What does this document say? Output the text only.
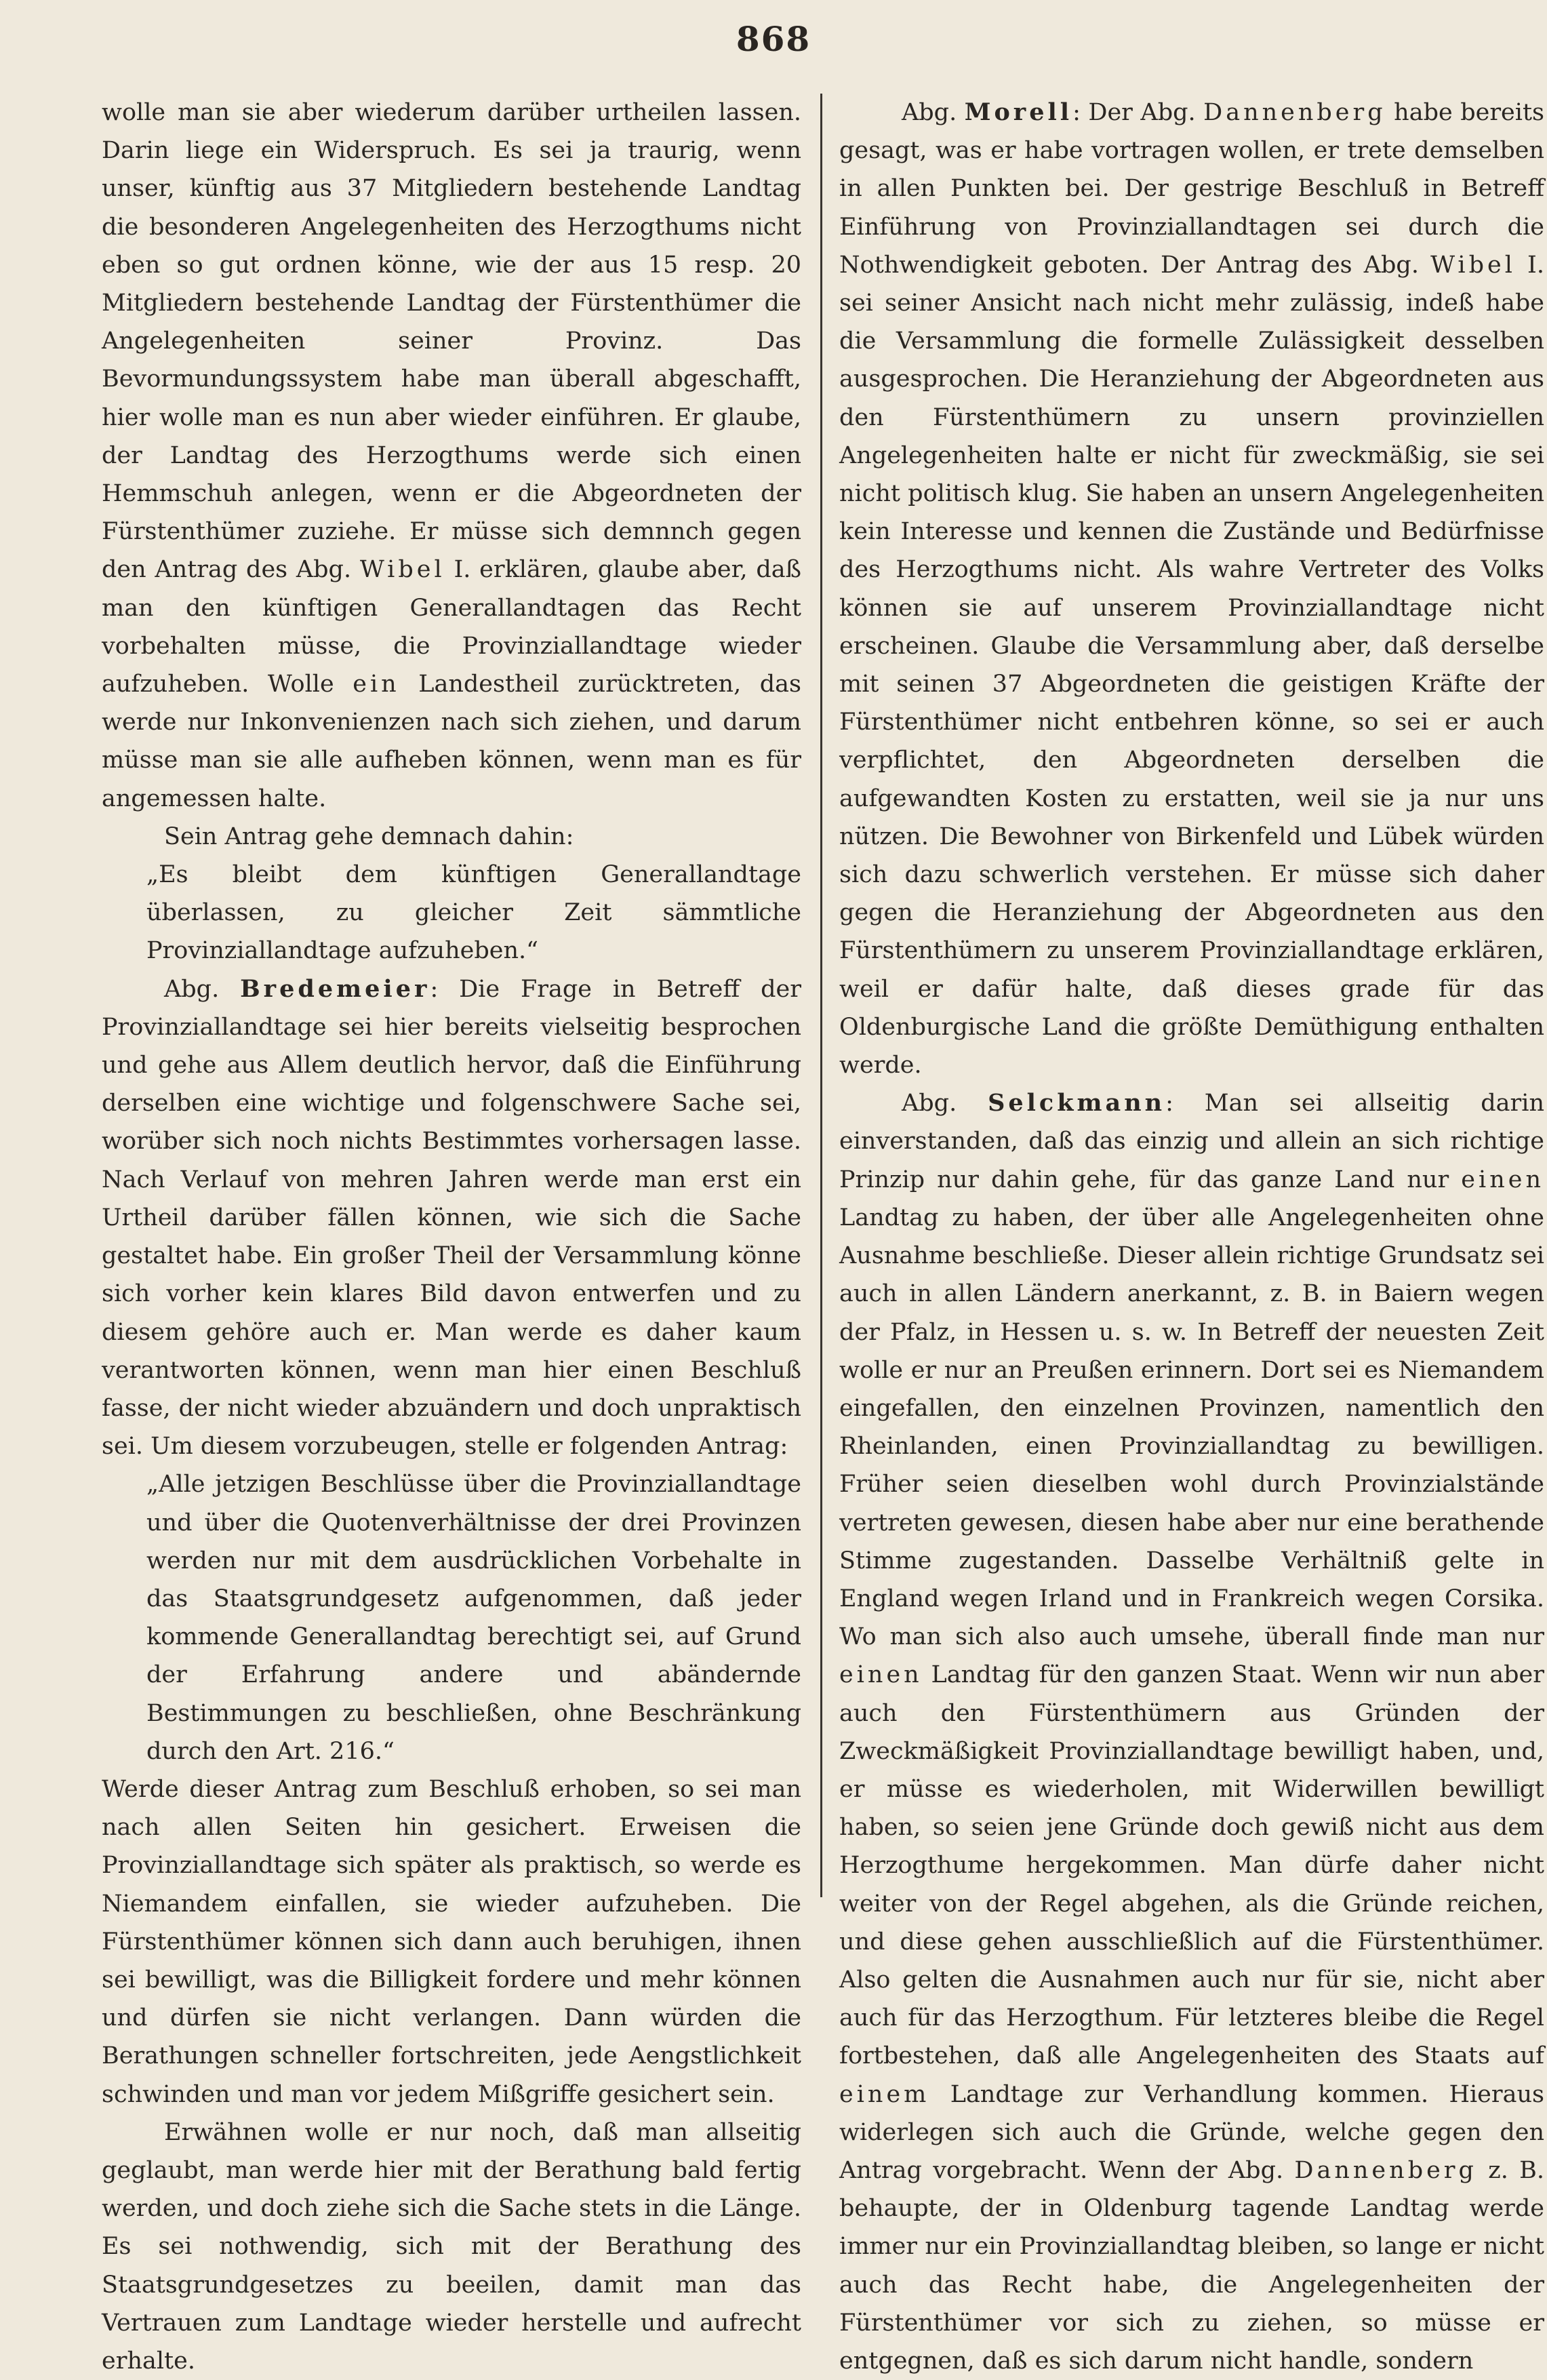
868

wolle man sie aber wiederum darüber urtheilen lassen. Darin liege ein Widerspruch. Es sei ja traurig, wenn unser, künftig aus 37 Mitgliedern bestehende Landtag die besonderen Angelegenheiten des Herzogthums nicht eben so gut ordnen könne, wie der aus 15 resp. 20 Mitgliedern bestehende Landtag der Fürstenthümer die Angelegenheiten seiner Provinz. Das Bevormundungssystem habe man überall abgeschafft, hier wolle man es nun aber wieder einführen. Er glaube, der Landtag des Herzogthums werde sich einen Hemmschuh anlegen, wenn er die Abgeordneten der Fürstenthümer zuziehe. Er müsse sich demnnch gegen den Antrag des Abg. Wibel I. erklären, glaube aber, daß man den künftigen Generallandtagen das Recht vorbehalten müsse, die Provinziallandtage wieder aufzuheben. Wolle ein Landestheil zurücktreten, das werde nur Inkonvenienzen nach sich ziehen, und darum müsse man sie alle aufheben können, wenn man es für angemessen halte.

Sein Antrag gehe demnach dahin:

„Es bleibt dem künftigen Generallandtage überlassen, zu gleicher Zeit sämmtliche Provinziallandtage aufzuheben.“

Abg. Bredemeier: Die Frage in Betreff der Provinziallandtage sei hier bereits vielseitig besprochen und gehe aus Allem deutlich hervor, daß die Einführung derselben eine wichtige und folgenschwere Sache sei, worüber sich noch nichts Bestimmtes vorhersagen lasse. Nach Verlauf von mehren Jahren werde man erst ein Urtheil darüber fällen können, wie sich die Sache gestaltet habe. Ein großer Theil der Versammlung könne sich vorher kein klares Bild davon entwerfen und zu diesem gehöre auch er. Man werde es daher kaum verantworten können, wenn man hier einen Beschluß fasse, der nicht wieder abzuändern und doch unpraktisch sei. Um diesem vorzubeugen, stelle er folgenden Antrag:

„Alle jetzigen Beschlüsse über die Provinziallandtage und über die Quotenverhältnisse der drei Provinzen werden nur mit dem ausdrücklichen Vorbehalte in das Staatsgrundgesetz aufgenommen, daß jeder kommende Generallandtag berechtigt sei, auf Grund der Erfahrung andere und abändernde Bestimmungen zu beschließen, ohne Beschränkung durch den Art. 216.“

Werde dieser Antrag zum Beschluß erhoben, so sei man nach allen Seiten hin gesichert. Erweisen die Provinziallandtage sich später als praktisch, so werde es Niemandem einfallen, sie wieder aufzuheben. Die Fürstenthümer können sich dann auch beruhigen, ihnen sei bewilligt, was die Billigkeit fordere und mehr können und dürfen sie nicht verlangen. Dann würden die Berathungen schneller fortschreiten, jede Aengstlichkeit schwinden und man vor jedem Mißgriffe gesichert sein.

Erwähnen wolle er nur noch, daß man allseitig geglaubt, man werde hier mit der Berathung bald fertig werden, und doch ziehe sich die Sache stets in die Länge. Es sei nothwendig, sich mit der Berathung des Staatsgrundgesetzes zu beeilen, damit man das Vertrauen zum Landtage wieder herstelle und aufrecht erhalte.

Abg. Morell: Der Abg. Dannenberg habe bereits gesagt, was er habe vortragen wollen, er trete demselben in allen Punkten bei. Der gestrige Beschluß in Betreff Einführung von Provinziallandtagen sei durch die Nothwendigkeit geboten. Der Antrag des Abg. Wibel I. sei seiner Ansicht nach nicht mehr zulässig, indeß habe die Versammlung die formelle Zulässigkeit desselben ausgesprochen. Die Heranziehung der Abgeordneten aus den Fürstenthümern zu unsern provinziellen Angelegenheiten halte er nicht für zweckmäßig, sie sei nicht politisch klug. Sie haben an unsern Angelegenheiten kein Interesse und kennen die Zustände und Bedürfnisse des Herzogthums nicht. Als wahre Vertreter des Volks können sie auf unserem Provinziallandtage nicht erscheinen. Glaube die Versammlung aber, daß derselbe mit seinen 37 Abgeordneten die geistigen Kräfte der Fürstenthümer nicht entbehren könne, so sei er auch verpflichtet, den Abgeordneten derselben die aufgewandten Kosten zu erstatten, weil sie ja nur uns nützen. Die Bewohner von Birkenfeld und Lübek würden sich dazu schwerlich verstehen. Er müsse sich daher gegen die Heranziehung der Abgeordneten aus den Fürstenthümern zu unserem Provinziallandtage erklären, weil er dafür halte, daß dieses grade für das Oldenburgische Land die größte Demüthigung enthalten werde.

Abg. Selckmann: Man sei allseitig darin einverstanden, daß das einzig und allein an sich richtige Prinzip nur dahin gehe, für das ganze Land nur einen Landtag zu haben, der über alle Angelegenheiten ohne Ausnahme beschließe. Dieser allein richtige Grundsatz sei auch in allen Ländern anerkannt, z. B. in Baiern wegen der Pfalz, in Hessen u. s. w. In Betreff der neuesten Zeit wolle er nur an Preußen erinnern. Dort sei es Niemandem eingefallen, den einzelnen Provinzen, namentlich den Rheinlanden, einen Provinziallandtag zu bewilligen. Früher seien dieselben wohl durch Provinzialstände vertreten gewesen, diesen habe aber nur eine berathende Stimme zugestanden. Dasselbe Verhältniß gelte in England wegen Irland und in Frankreich wegen Corsika. Wo man sich also auch umsehe, überall finde man nur einen Landtag für den ganzen Staat. Wenn wir nun aber auch den Fürstenthümern aus Gründen der Zweckmäßigkeit Provinziallandtage bewilligt haben, und, er müsse es wiederholen, mit Widerwillen bewilligt haben, so seien jene Gründe doch gewiß nicht aus dem Herzogthume hergekommen. Man dürfe daher nicht weiter von der Regel abgehen, als die Gründe reichen, und diese gehen ausschließlich auf die Fürstenthümer. Also gelten die Ausnahmen auch nur für sie, nicht aber auch für das Herzogthum. Für letzteres bleibe die Regel fortbestehen, daß alle Angelegenheiten des Staats auf einem Landtage zur Verhandlung kommen. Hieraus widerlegen sich auch die Gründe, welche gegen den Antrag vorgebracht. Wenn der Abg. Dannenberg z. B. behaupte, der in Oldenburg tagende Landtag werde immer nur ein Provinziallandtag bleiben, so lange er nicht auch das Recht habe, die Angelegenheiten der Fürstenthümer vor sich zu ziehen, so müsse er entgegnen, daß es sich darum nicht handle, sondern
